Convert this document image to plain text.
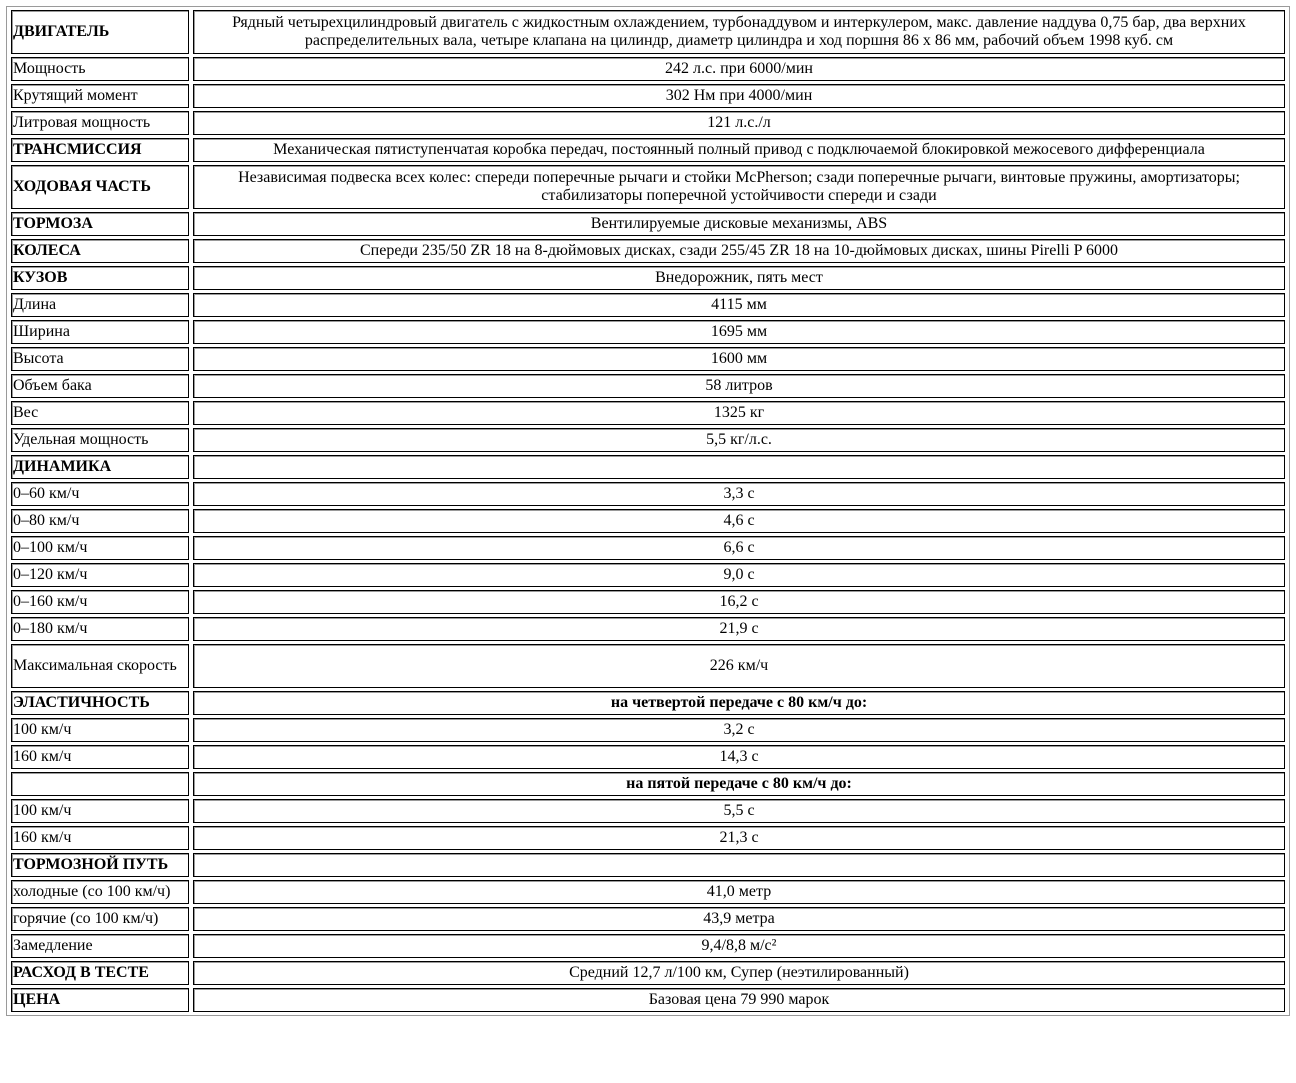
ДВИГАТЕЛЬ	Рядный четырехцилиндровый двигатель с жидкостным охлаждением, турбонаддувом и интеркулером, макс. давление наддува 0,75 бар, два верхних распределительных вала, четыре клапана на цилиндр, диаметр цилиндра и ход поршня 86 х 86 мм, рабочий объем 1998 куб. см
Мощность	242 л.с. при 6000/мин
Крутящий момент	302 Нм при 4000/мин
Литровая мощность	121 л.с./л
ТРАНСМИССИЯ	Механическая пятиступенчатая коробка передач, постоянный полный привод с подключаемой блокировкой межосевого дифференциала
ХОДОВАЯ ЧАСТЬ	Независимая подвеска всех колес: спереди поперечные рычаги и стойки McPherson; сзади поперечные рычаги, винтовые пружины, амортизаторы; стабилизаторы поперечной устойчивости спереди и сзади
ТОРМОЗА	Вентилируемые дисковые механизмы, ABS
КОЛЕСА	Спереди 235/50 ZR 18 на 8-дюймовых дисках, сзади 255/45 ZR 18 на 10-дюймовых дисках, шины Pirelli P 6000
КУЗОВ	Внедорожник, пять мест
Длина	4115 мм
Ширина	1695 мм
Высота	1600 мм
Объем бака	58 литров
Вес	1325 кг
Удельная мощность	5,5 кг/л.с.
ДИНАМИКА	
0–60 км/ч	3,3 с
0–80 км/ч	4,6 с
0–100 км/ч	6,6 с
0–120 км/ч	9,0 с
0–160 км/ч	16,2 с
0–180 км/ч	21,9 с
Максимальная скорость	226 км/ч
ЭЛАСТИЧНОСТЬ	на четвертой передаче с 80 км/ч до:
100 км/ч	3,2 с
160 км/ч	14,3 с
	на пятой передаче с 80 км/ч до:
100 км/ч	5,5 с
160 км/ч	21,3 с
ТОРМОЗНОЙ ПУТЬ	
холодные (со 100 км/ч)	41,0 метр
горячие (со 100 км/ч)	43,9 метра
Замедление	9,4/8,8 м/с²
РАСХОД В ТЕСТЕ	Средний 12,7 л/100 км, Супер (неэтилированный)
ЦЕНА	Базовая цена 79 990 марок
